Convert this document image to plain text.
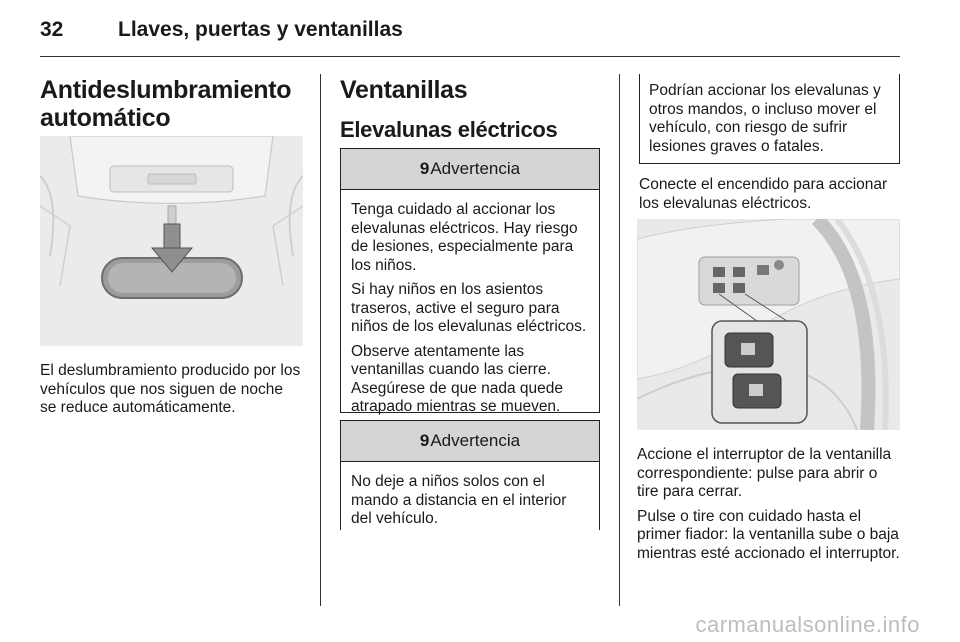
32	Llaves, puertas y ventanillas
Antideslumbramiento automático
El deslumbramiento producido por los vehículos que nos siguen de noche se reduce automáticamente.
Ventanillas
Elevalunas eléctricos
9 Advertencia

Tenga cuidado al accionar los elevalunas eléctricos. Hay riesgo de lesiones, especialmente para los niños.

Si hay niños en los asientos traseros, active el seguro para niños de los elevalunas eléctricos.

Observe atentamente las ventanillas cuando las cierre. Asegúrese de que nada quede atrapado mientras se mueven.

9 Advertencia

No deje a niños solos con el mando a distancia en el interior del vehículo.

Podrían accionar los elevalunas y otros mandos, o incluso mover el vehículo, con riesgo de sufrir lesiones graves o fatales.
Conecte el encendido para accionar los elevalunas eléctricos.

Accione el interruptor de la ventanilla correspondiente: pulse para abrir o tire para cerrar.

Pulse o tire con cuidado hasta el primer fiador: la ventanilla sube o baja mientras esté accionado el interruptor.

carmanualsonline.info
